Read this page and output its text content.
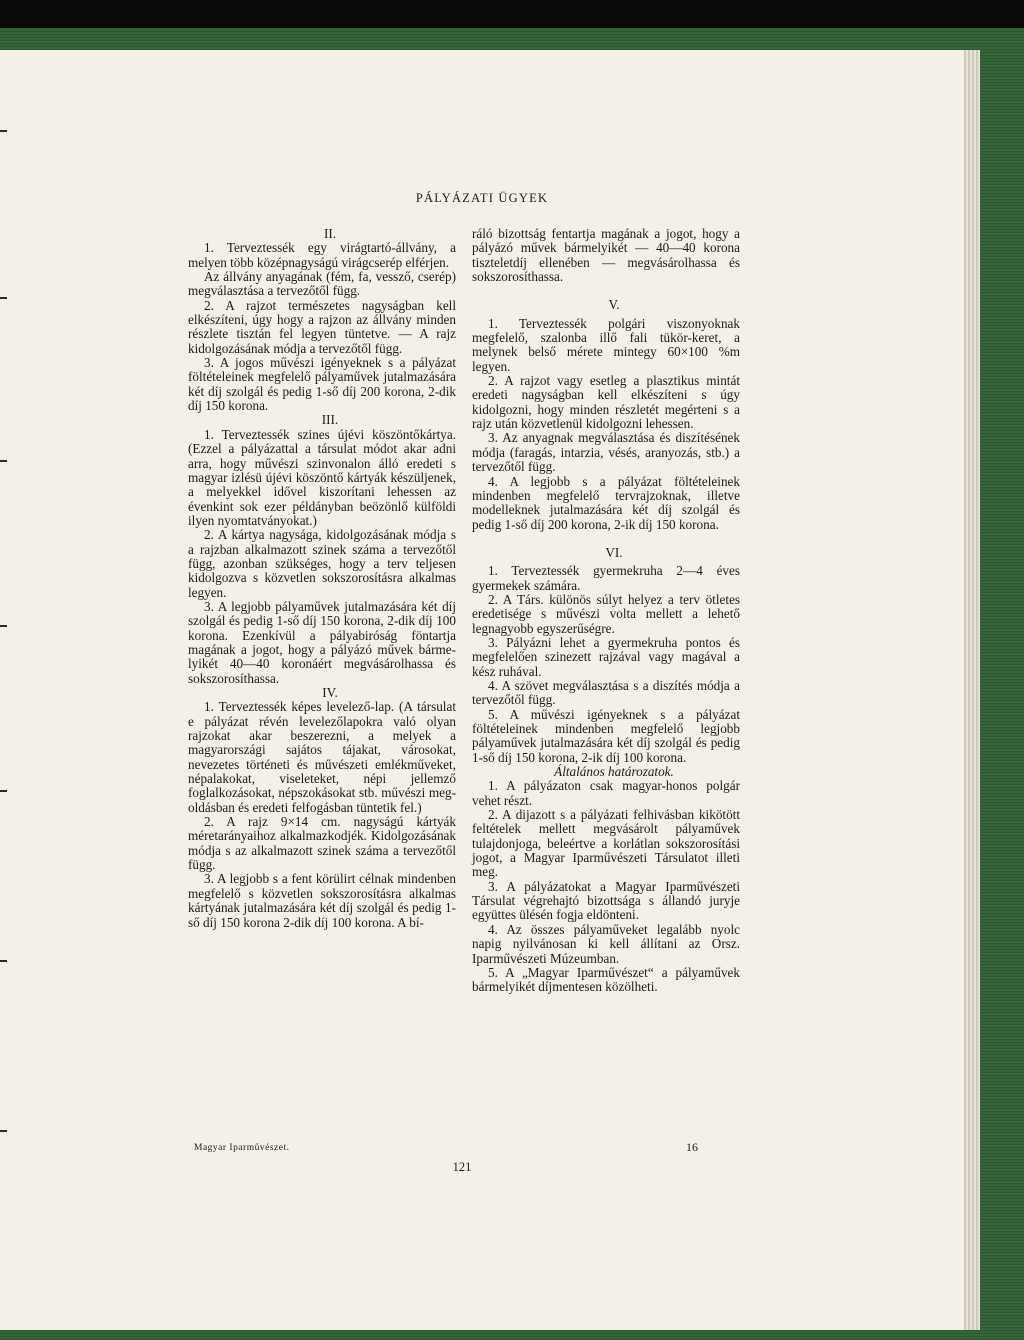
PÁLYÁZATI ÜGYEK

II.

1. Terveztessék egy virágtartó-állvány, a melyen több középnagyságú virágcserép elférjen.

Az állvány anyagának (fém, fa, vessző, cserép) megválasztása a tervezőtől függ.

2. A rajzot természetes nagyságban kell elkészíteni, úgy hogy a rajzon az állvány minden részlete tisztán fel legyen tüntetve. — A rajz kidolgozásának módja a tervezőtől függ.

3. A jogos művészi igényeknek s a pályázat föltételeinek megfelelő pályaművek jutalmazására két díj szolgál és pedig 1-ső díj 200 korona, 2-dik díj 150 korona.

III.

1. Terveztessék szines újévi köszöntőkártya. (Ezzel a pályázattal a társulat módot akar adni arra, hogy művészi szinvonalon álló eredeti s magyar izlésü újévi köszöntő kártyák készüljenek, a melyekkel idővel kiszorítani lehessen az évenkint sok ezer példányban beözönlő külföldi ilyen nyomtatványokat.)

2. A kártya nagysága, kidolgozásának módja s a rajzban alkalmazott szinek száma a tervezőtől függ, azonban szükséges, hogy a terv teljesen kidolgozva s közvetlen sokszorosításra alkalmas legyen.

3. A legjobb pályaművek jutalmazására két díj szolgál és pedig 1-ső díj 150 korona, 2-dik díj 100 korona. Ezenkívül a pályabiróság föntartja magának a jogot, hogy a pályázó művek bármelyikét 40—40 koronáért megvásárolhassa és sokszorosíthassa.

IV.

1. Terveztessék képes levelező-lap. (A társulat e pályázat révén levelezőlapokra való olyan rajzokat akar beszerezni, a melyek a magyarországi sajátos tájakat, városokat, nevezetes történeti és művészeti emlékműveket, népalakokat, viseleteket, népi jellemző foglalkozásokat, népszokásokat stb. művészi megoldásban és eredeti felfogásban tüntetik fel.)

2. A rajz 9×14 cm. nagyságú kártyák méretarányaihoz alkalmazkodjék. Kidolgozásának módja s az alkalmazott szinek száma a tervezőtől függ.

3. A legjobb s a fent körülirt célnak mindenben megfelelő s közvetlen sokszorosításra alkalmas kártyának jutalmazására két díj szolgál és pedig 1-ső díj 150 korona 2-dik díj 100 korona. A bí-

ráló bizottság fentartja magának a jogot, hogy a pályázó művek bármelyikét — 40—40 korona tiszteletdíj ellenében — megvásárolhassa és sokszorosíthassa.

V.

1. Terveztessék polgári viszonyoknak megfelelő, szalonba illő fali tükör-keret, a melynek belső mérete mintegy 60×100 %m legyen.

2. A rajzot vagy esetleg a plasztikus mintát eredeti nagyságban kell elkészíteni s úgy kidolgozni, hogy minden részletét megérteni s a rajz után közvetlenül kidolgozni lehessen.

3. Az anyagnak megválasztása és diszítésének módja (faragás, intarzia, vésés, aranyozás, stb.) a tervezőtől függ.

4. A legjobb s a pályázat föltételeinek mindenben megfelelő tervrajzoknak, illetve modelleknek jutalmazására két díj szolgál és pedig 1-ső díj 200 korona, 2-ik díj 150 korona.

VI.

1. Terveztessék gyermekruha 2—4 éves gyermekek számára.

2. A Társ. különös súlyt helyez a terv ötletes eredetisége s művészi volta mellett a lehető legnagyobb egyszerűségre.

3. Pályázni lehet a gyermekruha pontos és megfelelően szinezett rajzával vagy magával a kész ruhával.

4. A szövet megválasztása s a diszítés módja a tervezőtől függ.

5. A művészi igényeknek s a pályázat föltételeinek mindenben megfelelő legjobb pályaművek jutalmazására két díj szolgál és pedig 1-ső díj 150 korona, 2-ik díj 100 korona.

Általános határozatok.

1. A pályázaton csak magyar-honos polgár vehet részt.

2. A dijazott s a pályázati felhivásban kikötött feltételek mellett megvásárolt pályaművek tulajdonjoga, beleértve a korlátlan sokszorosítási jogot, a Magyar Iparművészeti Társulatot illeti meg.

3. A pályázatokat a Magyar Iparművészeti Társulat végrehajtó bizottsága s állandó juryje együttes ülésén fogja eldönteni.

4. Az összes pályaműveket legalább nyolc napig nyilvánosan ki kell állítani az Orsz. Iparművészeti Múzeumban.

5. A „Magyar Iparművészet“ a pályaművek bármelyikét díjmentesen közölheti.

Magyar Iparművészet.	16
121
